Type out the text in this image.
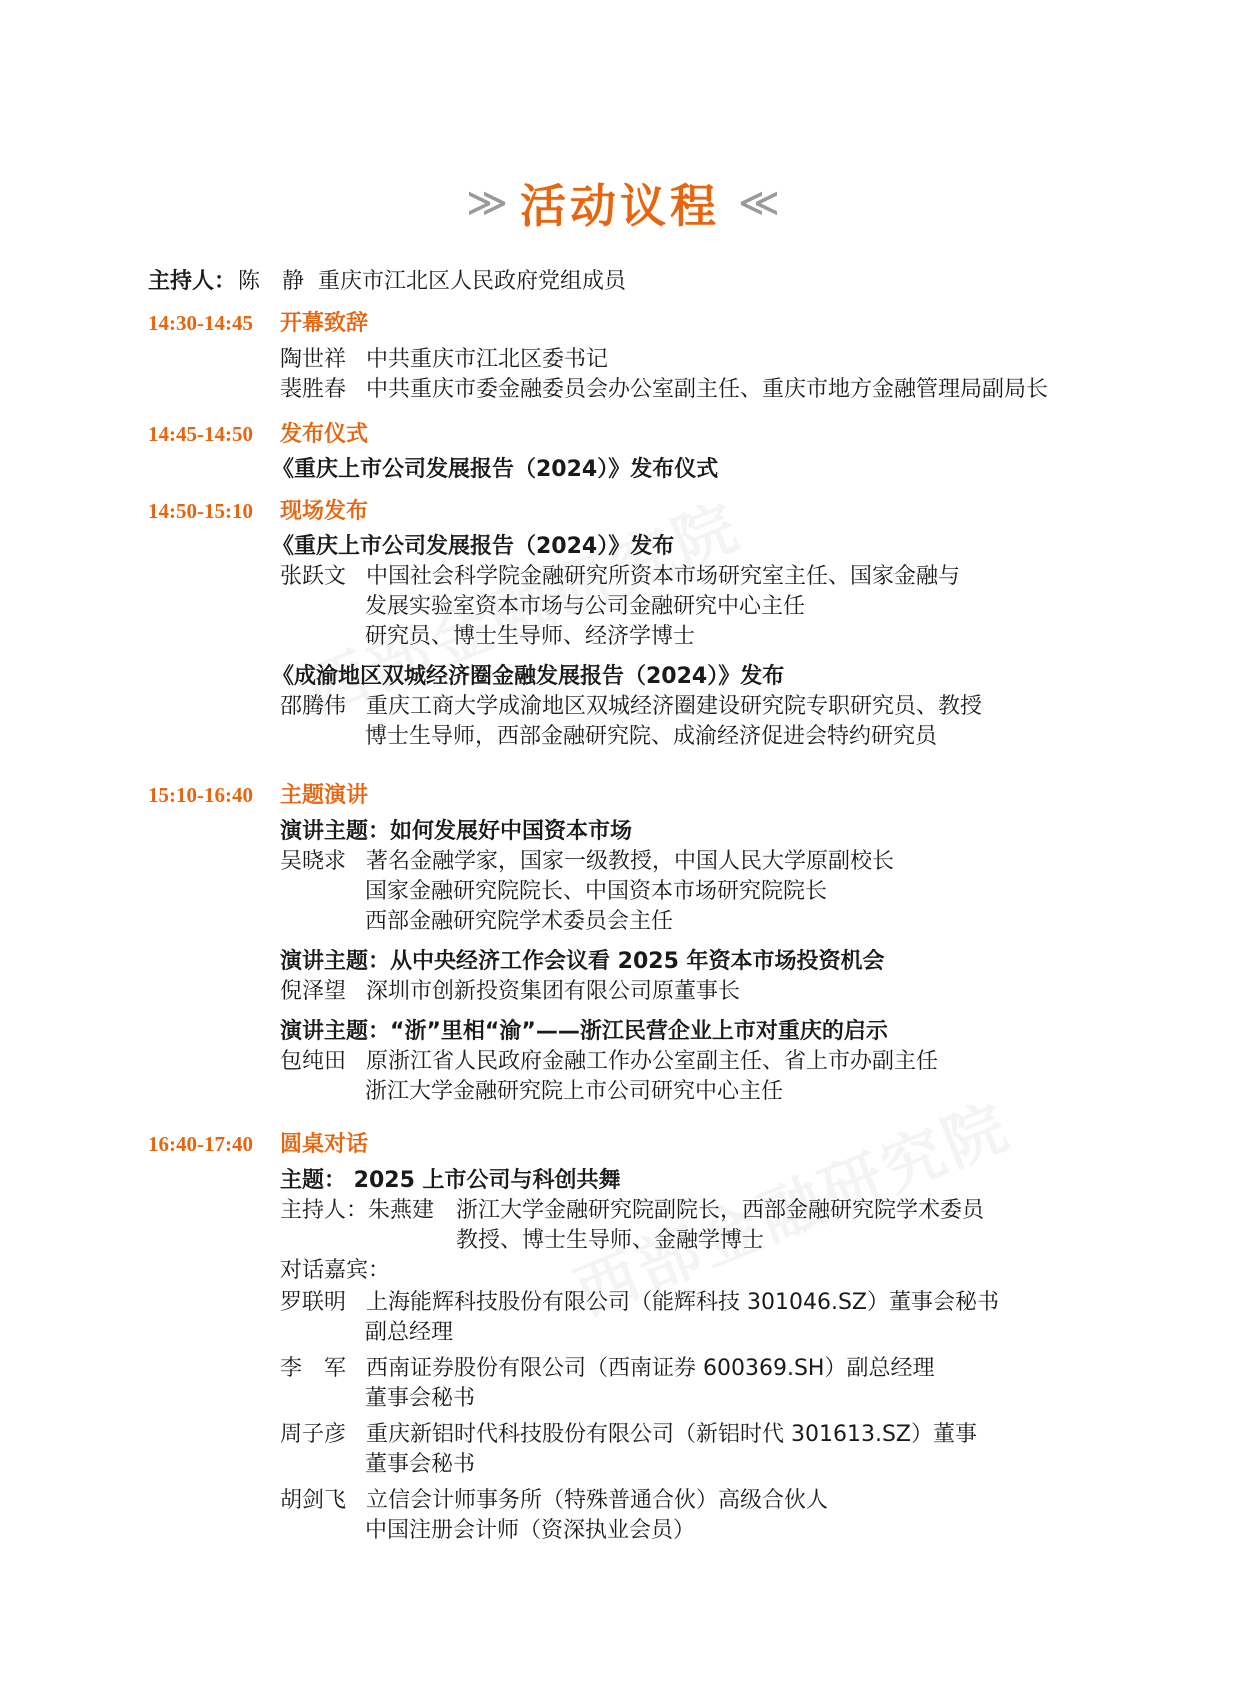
≫ 活动议程 ≪
主持人：陈　静 重庆市江北区人民政府党组成员
14:30-14:45 开幕致辞
陶世祥 中共重庆市江北区委书记
裴胜春 中共重庆市委金融委员会办公室副主任、重庆市地方金融管理局副局长
14:45-14:50 发布仪式
《重庆上市公司发展报告（2024）》发布仪式
14:50-15:10 现场发布
《重庆上市公司发展报告（2024）》发布
张跃文 中国社会科学院金融研究所资本市场研究室主任、国家金融与
发展实验室资本市场与公司金融研究中心主任
研究员、博士生导师、经济学博士
《成渝地区双城经济圈金融发展报告（2024）》发布
邵腾伟 重庆工商大学成渝地区双城经济圈建设研究院专职研究员、教授
博士生导师，西部金融研究院、成渝经济促进会特约研究员
15:10-16:40 主题演讲
演讲主题：如何发展好中国资本市场
吴晓求 著名金融学家，国家一级教授，中国人民大学原副校长
国家金融研究院院长、中国资本市场研究院院长
西部金融研究院学术委员会主任
演讲主题：从中央经济工作会议看 2025 年资本市场投资机会
倪泽望 深圳市创新投资集团有限公司原董事长
演讲主题：“浙”里相“渝”——浙江民营企业上市对重庆的启示
包纯田 原浙江省人民政府金融工作办公室副主任、省上市办副主任
浙江大学金融研究院上市公司研究中心主任
16:40-17:40 圆桌对话
主题： 2025 上市公司与科创共舞
主持人：朱燕建 浙江大学金融研究院副院长，西部金融研究院学术委员
教授、博士生导师、金融学博士
对话嘉宾：
罗联明 上海能辉科技股份有限公司（能辉科技 301046.SZ）董事会秘书
副总经理
李　军 西南证券股份有限公司（西南证券 600369.SH）副总经理
董事会秘书
周子彦 重庆新铝时代科技股份有限公司（新铝时代 301613.SZ）董事
董事会秘书
胡剑飞 立信会计师事务所（特殊普通合伙）高级合伙人
中国注册会计师（资深执业会员）
